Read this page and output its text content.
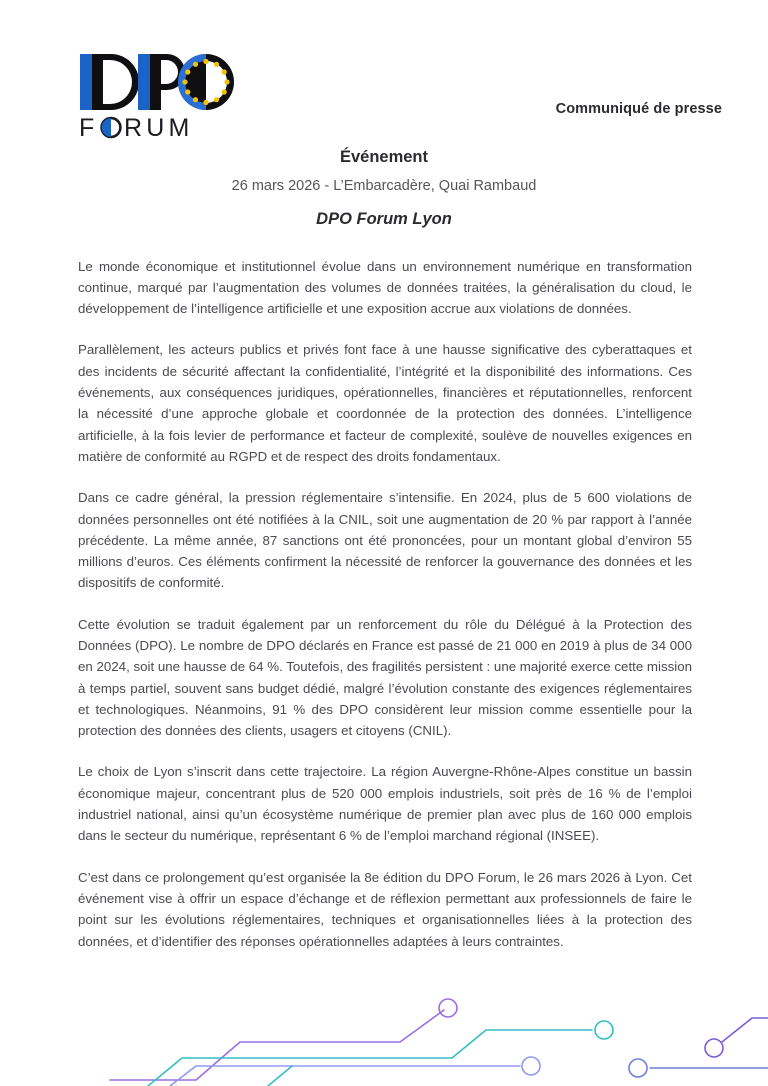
F RUM
Communiqué de presse
Événement

26 mars 2026 - L’Embarcadère, Quai Rambaud

DPO Forum Lyon

Le monde économique et institutionnel évolue dans un environnement numérique en transformation continue, marqué par l’augmentation des volumes de données traitées, la généralisation du cloud, le développement de l’intelligence artificielle et une exposition accrue aux violations de données.

Parallèlement, les acteurs publics et privés font face à une hausse significative des cyberattaques et des incidents de sécurité affectant la confidentialité, l’intégrité et la disponibilité des informations. Ces événements, aux conséquences juridiques, opérationnelles, financières et réputationnelles, renforcent la nécessité d’une approche globale et coordonnée de la protection des données. L’intelligence artificielle, à la fois levier de performance et facteur de complexité, soulève de nouvelles exigences en matière de conformité au RGPD et de respect des droits fondamentaux.

Dans ce cadre général, la pression réglementaire s’intensifie. En 2024, plus de 5 600 violations de données personnelles ont été notifiées à la CNIL, soit une augmentation de 20 % par rapport à l’année précédente. La même année, 87 sanctions ont été prononcées, pour un montant global d’environ 55 millions d’euros. Ces éléments confirment la nécessité de renforcer la gouvernance des données et les dispositifs de conformité.

Cette évolution se traduit également par un renforcement du rôle du Délégué à la Protection des Données (DPO). Le nombre de DPO déclarés en France est passé de 21 000 en 2019 à plus de 34 000 en 2024, soit une hausse de 64 %. Toutefois, des fragilités persistent : une majorité exerce cette mission à temps partiel, souvent sans budget dédié, malgré l’évolution constante des exigences réglementaires et technologiques. Néanmoins, 91 % des DPO considèrent leur mission comme essentielle pour la protection des données des clients, usagers et citoyens (CNIL).

Le choix de Lyon s’inscrit dans cette trajectoire. La région Auvergne-Rhône-Alpes constitue un bassin économique majeur, concentrant plus de 520 000 emplois industriels, soit près de 16 % de l’emploi industriel national, ainsi qu’un écosystème numérique de premier plan avec plus de 160 000 emplois dans le secteur du numérique, représentant 6 % de l’emploi marchand régional (INSEE).

C’est dans ce prolongement qu’est organisée la 8e édition du DPO Forum, le 26 mars 2026 à Lyon. Cet événement vise à offrir un espace d’échange et de réflexion permettant aux professionnels de faire le point sur les évolutions réglementaires, techniques et organisationnelles liées à la protection des données, et d’identifier des réponses opérationnelles adaptées à leurs contraintes.
